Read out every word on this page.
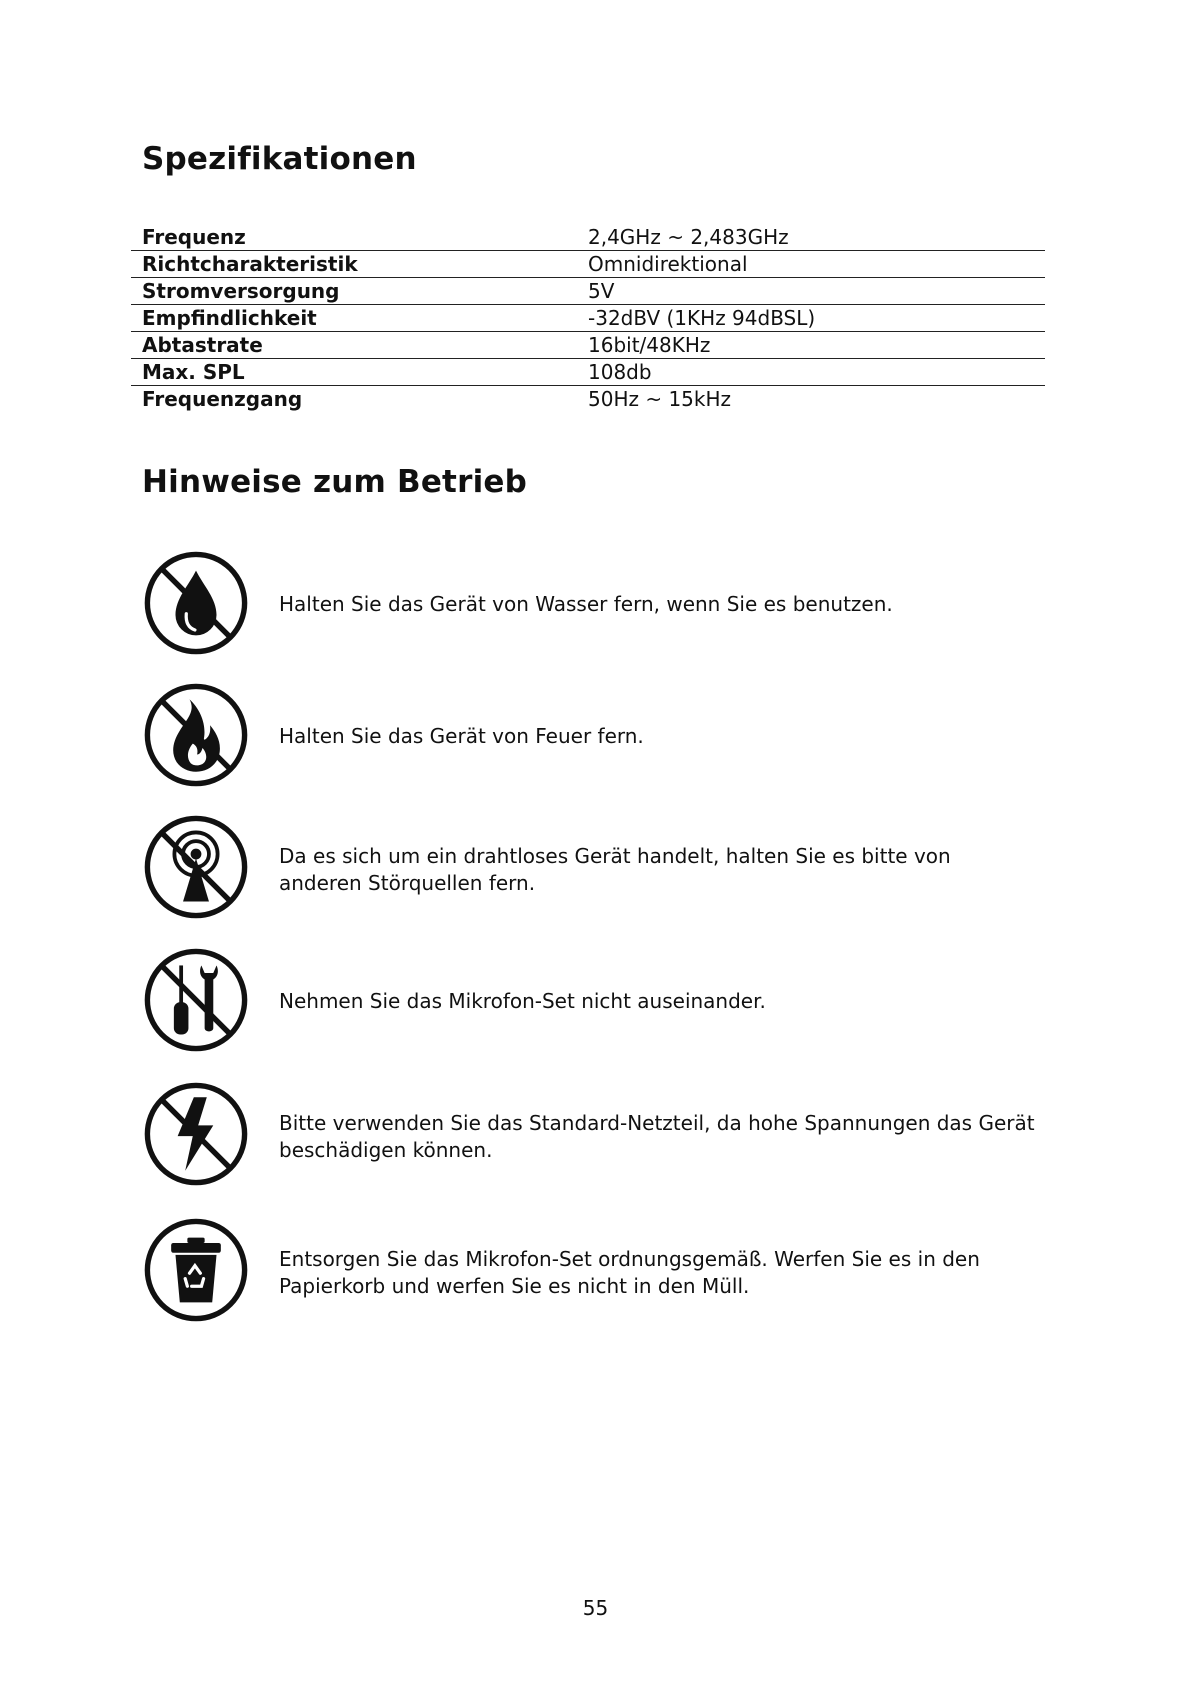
Spezifikationen
Frequenz	2,4GHz ~ 2,483GHz
Richtcharakteristik	Omnidirektional
Stromversorgung	5V
Empfindlichkeit	-32dBV (1KHz 94dBSL)
Abtastrate	16bit/48KHz
Max. SPL	108db
Frequenzgang	50Hz ~ 15kHz
Hinweise zum Betrieb
Halten Sie das Gerät von Wasser fern, wenn Sie es benutzen.
Halten Sie das Gerät von Feuer fern.
Da es sich um ein drahtloses Gerät handelt, halten Sie es bitte von anderen Störquellen fern.
Nehmen Sie das Mikrofon-Set nicht auseinander.
Bitte verwenden Sie das Standard-Netzteil, da hohe Spannungen das Gerät beschädigen können.
Entsorgen Sie das Mikrofon-Set ordnungsgemäß. Werfen Sie es in den Papierkorb und werfen Sie es nicht in den Müll.
55
